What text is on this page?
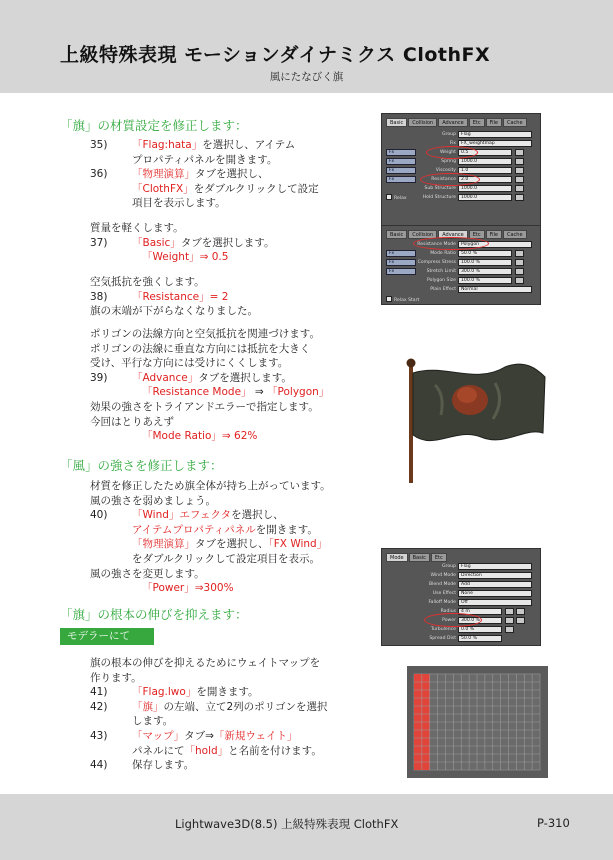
上級特殊表現 モーションダイナミクス ClothFX
風にたなびく旗
「旗」の材質設定を修正します：
35) 「Flag:hata」を選択し、アイテム
プロパティパネルを開きます。
36) 「物理演算」タブを選択し、
「ClothFX」をダブルクリックして設定
項目を表示します。
質量を軽くします。
37) 「Basic」タブを選択します。
「Weight」⇒ 0.5
空気抵抗を強くします。
38) 「Resistance」= 2
旗の末端が下がらなくなりました。
ポリゴンの法線方向と空気抵抗を関連づけます。
ポリゴンの法線に垂直な方向には抵抗を大きく
受け、平行な方向には受けにくくします。
39) 「Advance」タブを選択します。
「Resistance Mode」 ⇒ 「Polygon」
効果の強さをトライアンドエラーで指定します。
今回はとりあえず
「Mode Ratio」⇒ 62%
「風」の強さを修正します：
材質を修正したため旗全体が持ち上がっています。
風の強さを弱めましょう。
40) 「Wind」エフェクタを選択し、
アイテムプロパティパネルを開きます。
「物理演算」タブを選択し、「FX Wind」
をダブルクリックして設定項目を表示。
風の強さを変更します。
「Power」⇒300%
「旗」の根本の伸びを抑えます：
モデラーにて
旗の根本の伸びを抑えるためにウェイトマップを
作ります。
41) 「Flag.lwo」を開きます。
42) 「旗」の左端、立て2列のポリゴンを選択
します。
43) 「マップ」タブ⇒「新規ウェイト」
パネルにて「hold」と名前を付けます。
44) 保存します。
Basic	Collision	Advance	Etc	File	Cache
Group	Flag
Fix	FX_weightmap
Fx	Weight	0.5
Fx	Spring	1000.0
Fx	Viscosity	1.0
Fx	Resistance	2.0
Sub Structure	1000.0
Relax	Hold Structure	1000.0
Basic	Collision	Advance	Etc	File	Cache
Resistance Mode	Polygon
Fx	Mode Ratio	50.0 %
Fx	Compress Stress	100.0 %
Fx	Stretch Limit	300.0 %
Polygon Size	100.0 %
Plain Effect	Normal
Relax Start
Mode	Basic	Etc
Group	Flag
Wind Mode	Direction
Blend Mode	Add
Use Effect	None
Falloff Mode	Off
Radius	4 m
Power	300.0 %
Turbulence	0.0 %
Spread Dist	50.0 %
Lightwave3D(8.5) 上級特殊表現 ClothFX	P-310
